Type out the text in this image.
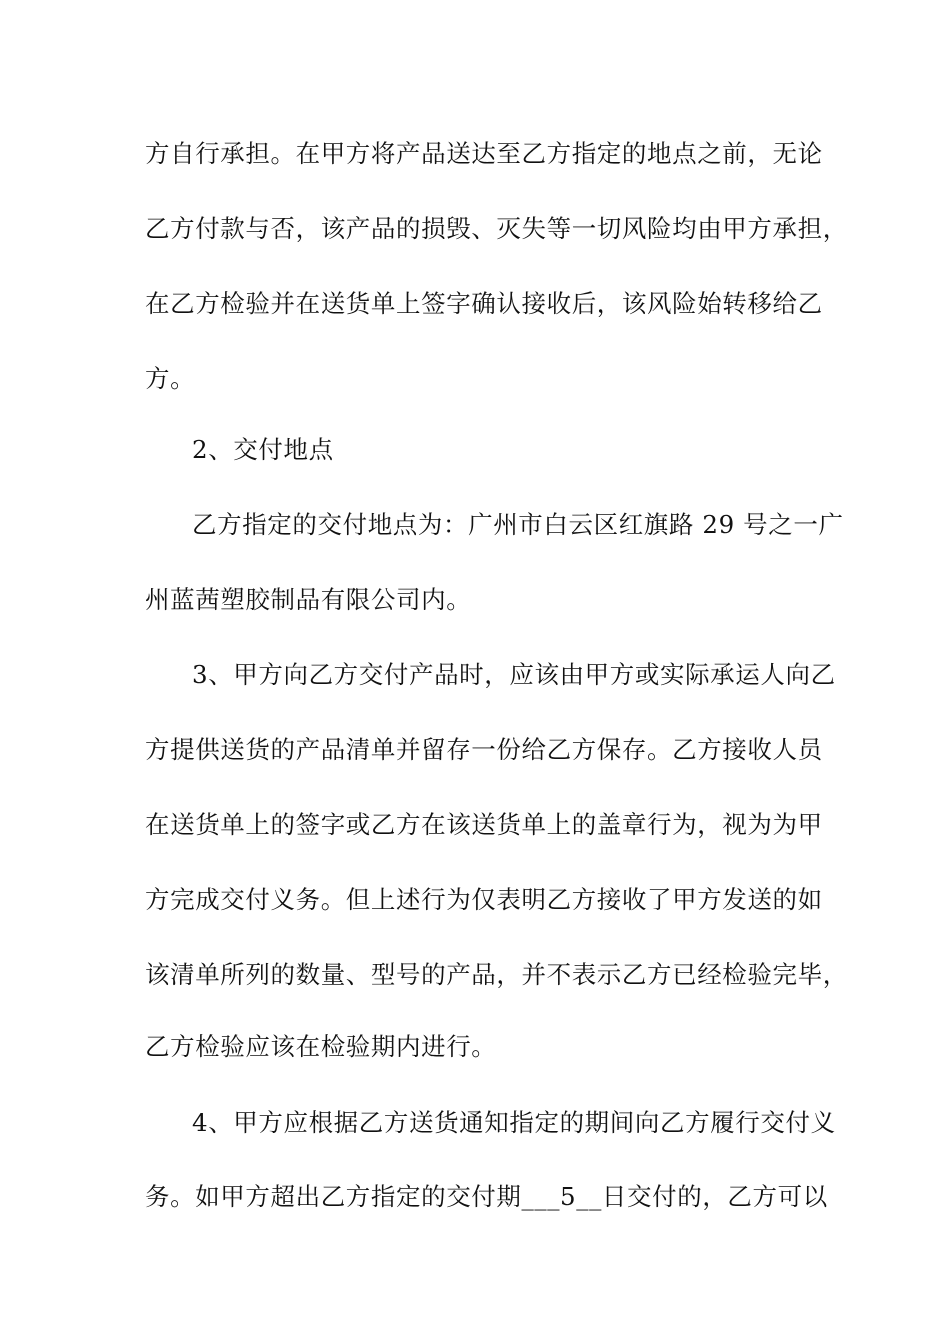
方自行承担。在甲方将产品送达至乙方指定的地点之前，无论
乙方付款与否，该产品的损毁、灭失等一切风险均由甲方承担，
在乙方检验并在送货单上签字确认接收后，该风险始转移给乙
方。
2、交付地点
乙方指定的交付地点为：广州市白云区红旗路 29 号之一广
州蓝茜塑胶制品有限公司内。
3、甲方向乙方交付产品时，应该由甲方或实际承运人向乙
方提供送货的产品清单并留存一份给乙方保存。乙方接收人员
在送货单上的签字或乙方在该送货单上的盖章行为，视为为甲
方完成交付义务。但上述行为仅表明乙方接收了甲方发送的如
该清单所列的数量、型号的产品，并不表示乙方已经检验完毕，
乙方检验应该在检验期内进行。
4、甲方应根据乙方送货通知指定的期间向乙方履行交付义
务。如甲方超出乙方指定的交付期___5__日交付的，乙方可以
